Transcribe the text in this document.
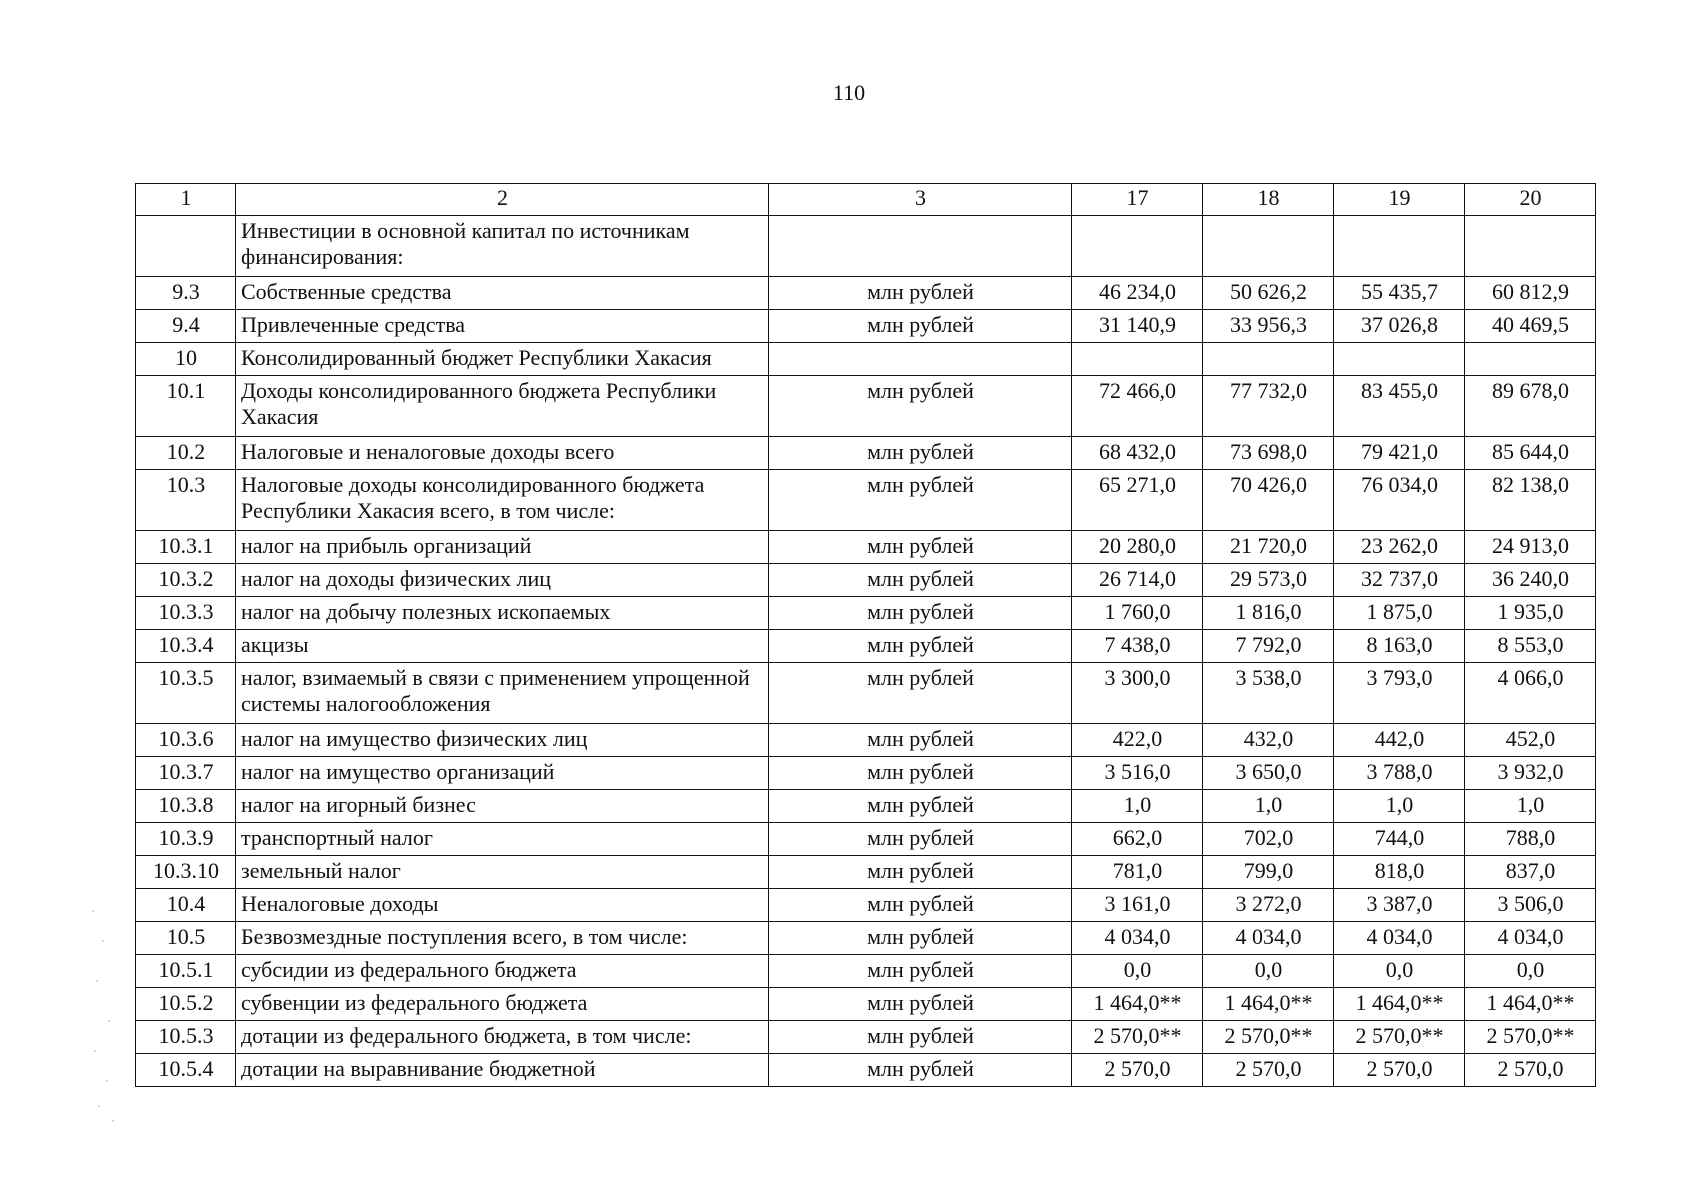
110
1	2	3	17	18	19	20
	Инвестиции в основной капитал по источникам финансирования:					
9.3	Собственные средства	млн рублей	46 234,0	50 626,2	55 435,7	60 812,9
9.4	Привлеченные средства	млн рублей	31 140,9	33 956,3	37 026,8	40 469,5
10	Консолидированный бюджет Республики Хакасия					
10.1	Доходы консолидированного бюджета Республики Хакасия	млн рублей	72 466,0	77 732,0	83 455,0	89 678,0
10.2	Налоговые и неналоговые доходы всего	млн рублей	68 432,0	73 698,0	79 421,0	85 644,0
10.3	Налоговые доходы консолидированного бюджета Республики Хакасия всего, в том числе:	млн рублей	65 271,0	70 426,0	76 034,0	82 138,0
10.3.1	налог на прибыль организаций	млн рублей	20 280,0	21 720,0	23 262,0	24 913,0
10.3.2	налог на доходы физических лиц	млн рублей	26 714,0	29 573,0	32 737,0	36 240,0
10.3.3	налог на добычу полезных ископаемых	млн рублей	1 760,0	1 816,0	1 875,0	1 935,0
10.3.4	акцизы	млн рублей	7 438,0	7 792,0	8 163,0	8 553,0
10.3.5	налог, взимаемый в связи с применением упрощенной системы налогообложения	млн рублей	3 300,0	3 538,0	3 793,0	4 066,0
10.3.6	налог на имущество физических лиц	млн рублей	422,0	432,0	442,0	452,0
10.3.7	налог на имущество организаций	млн рублей	3 516,0	3 650,0	3 788,0	3 932,0
10.3.8	налог на игорный бизнес	млн рублей	1,0	1,0	1,0	1,0
10.3.9	транспортный налог	млн рублей	662,0	702,0	744,0	788,0
10.3.10	земельный налог	млн рублей	781,0	799,0	818,0	837,0
10.4	Неналоговые доходы	млн рублей	3 161,0	3 272,0	3 387,0	3 506,0
10.5	Безвозмездные поступления всего, в том числе:	млн рублей	4 034,0	4 034,0	4 034,0	4 034,0
10.5.1	субсидии из федерального бюджета	млн рублей	0,0	0,0	0,0	0,0
10.5.2	субвенции из федерального бюджета	млн рублей	1 464,0**	1 464,0**	1 464,0**	1 464,0**
10.5.3	дотации из федерального бюджета, в том числе:	млн рублей	2 570,0**	2 570,0**	2 570,0**	2 570,0**
10.5.4	дотации на выравнивание бюджетной	млн рублей	2 570,0	2 570,0	2 570,0	2 570,0
